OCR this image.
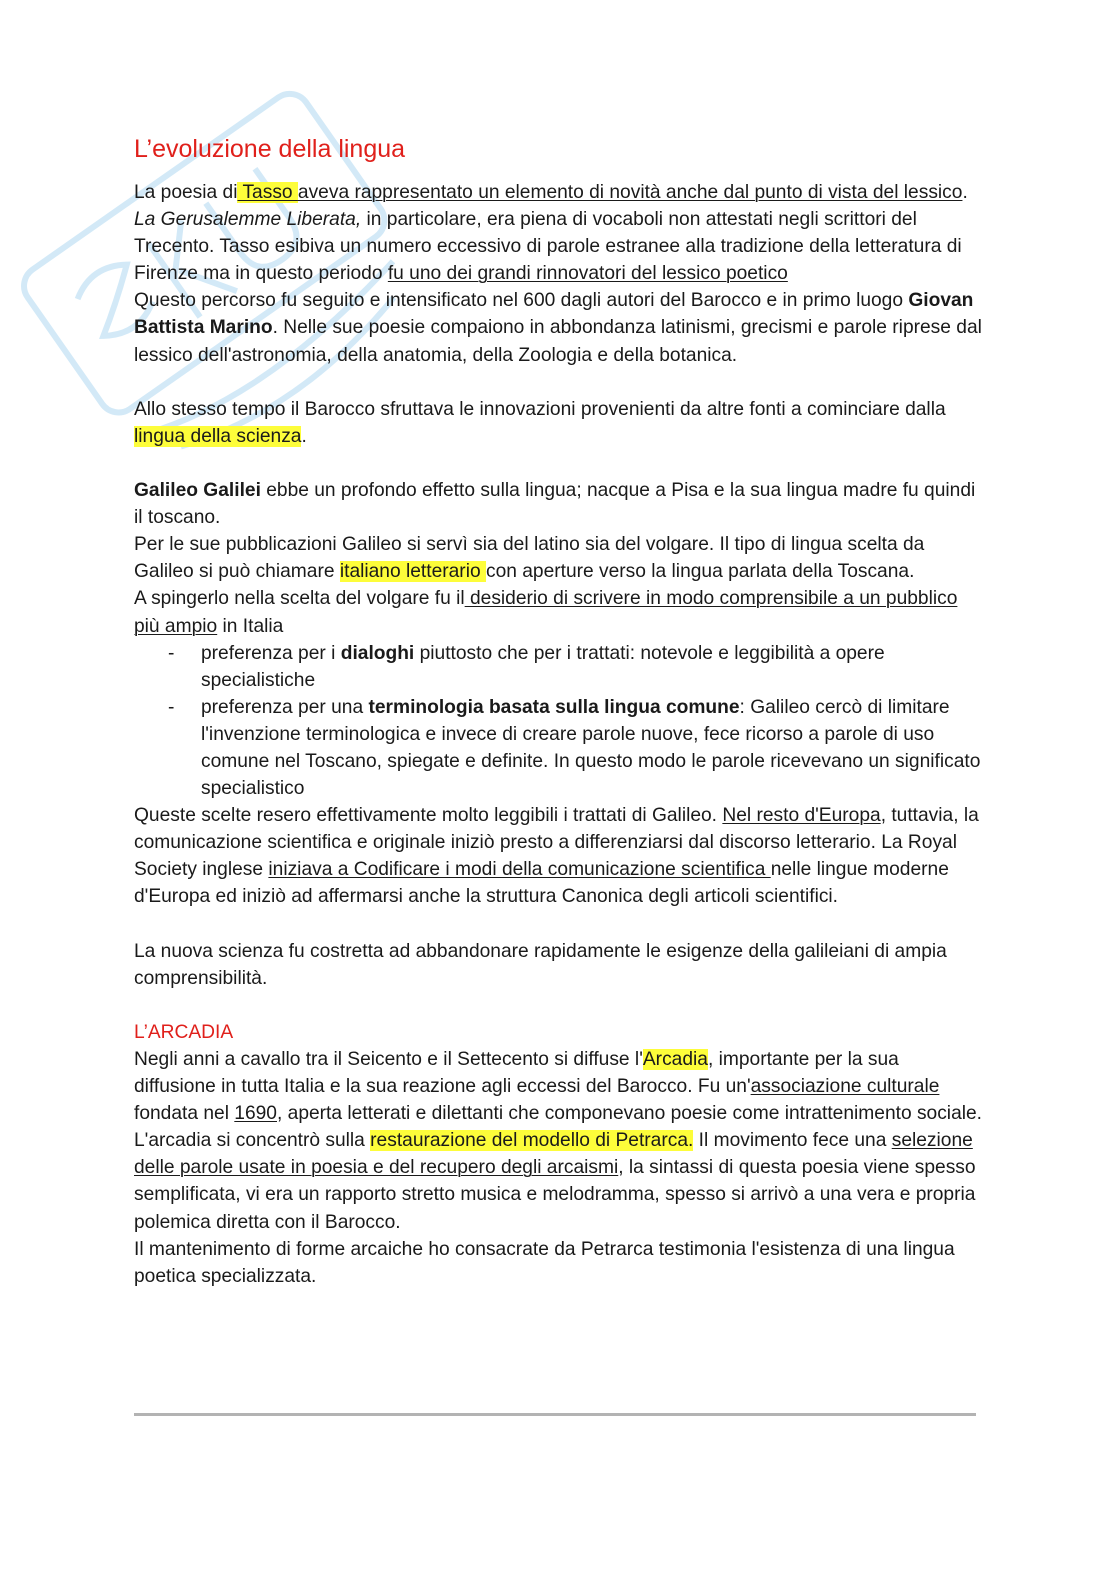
L’evoluzione della lingua

La poesia di Tasso aveva rappresentato un elemento di novità anche dal punto di vista del lessico. La Gerusalemme Liberata, in particolare, era piena di vocaboli non attestati negli scrittori del Trecento. Tasso esibiva un numero eccessivo di parole estranee alla tradizione della letteratura di Firenze ma in questo periodo fu uno dei grandi rinnovatori del lessico poetico

Questo percorso fu seguito e intensificato nel 600 dagli autori del Barocco e in primo luogo Giovan Battista Marino. Nelle sue poesie compaiono in abbondanza latinismi, grecismi e parole riprese dal lessico dell'astronomia, della anatomia, della Zoologia e della botanica.

Allo stesso tempo il Barocco sfruttava le innovazioni provenienti da altre fonti a cominciare dalla lingua della scienza.

Galileo Galilei ebbe un profondo effetto sulla lingua; nacque a Pisa e la sua lingua madre fu quindi il toscano.

Per le sue pubblicazioni Galileo si servì sia del latino sia del volgare. Il tipo di lingua scelta da Galileo si può chiamare italiano letterario con aperture verso la lingua parlata della Toscana.

A spingerlo nella scelta del volgare fu il desiderio di scrivere in modo comprensibile a un pubblico più ampio in Italia

- preferenza per i dialoghi piuttosto che per i trattati: notevole e leggibilità a opere specialistiche
- preferenza per una terminologia basata sulla lingua comune: Galileo cercò di limitare l'invenzione terminologica e invece di creare parole nuove, fece ricorso a parole di uso comune nel Toscano, spiegate e definite. In questo modo le parole ricevevano un significato specialistico

Queste scelte resero effettivamente molto leggibili i trattati di Galileo. Nel resto d'Europa, tuttavia, la comunicazione scientifica e originale iniziò presto a differenziarsi dal discorso letterario. La Royal Society inglese iniziava a Codificare i modi della comunicazione scientifica nelle lingue moderne d'Europa ed iniziò ad affermarsi anche la struttura Canonica degli articoli scientifici.

La nuova scienza fu costretta ad abbandonare rapidamente le esigenze della galileiani di ampia comprensibilità.

L’ARCADIA

Negli anni a cavallo tra il Seicento e il Settecento si diffuse l'Arcadia, importante per la sua diffusione in tutta Italia e la sua reazione agli eccessi del Barocco. Fu un'associazione culturale fondata nel 1690, aperta letterati e dilettanti che componevano poesie come intrattenimento sociale.

L'arcadia si concentrò sulla restaurazione del modello di Petrarca. Il movimento fece una selezione delle parole usate in poesia e del recupero degli arcaismi, la sintassi di questa poesia viene spesso semplificata, vi era un rapporto stretto musica e melodramma, spesso si arrivò a una vera e propria polemica diretta con il Barocco.

Il mantenimento di forme arcaiche ho consacrate da Petrarca testimonia l'esistenza di una lingua poetica specializzata.
